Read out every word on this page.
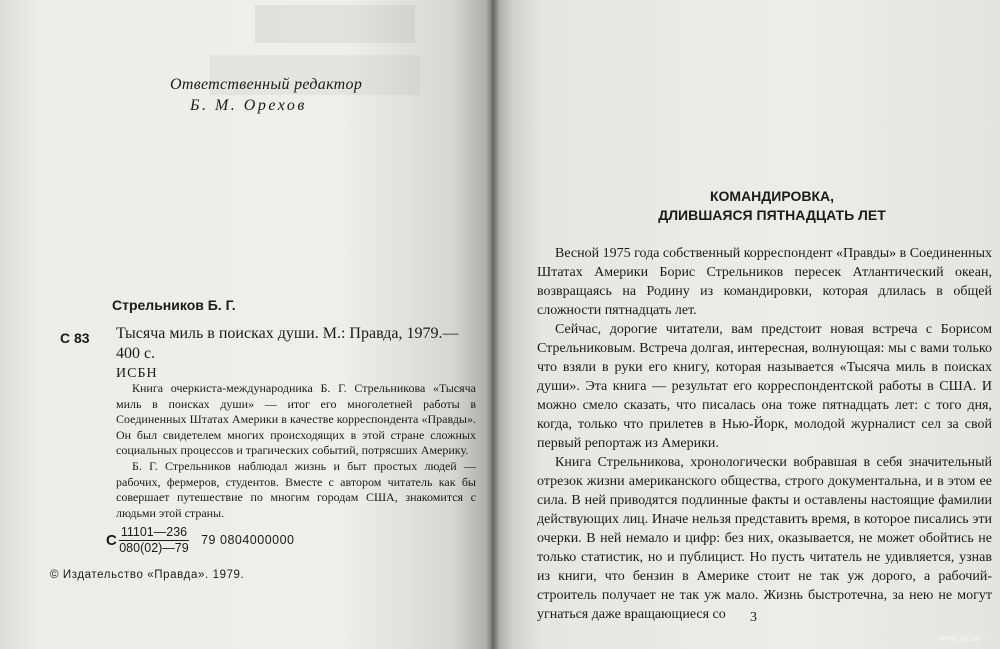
Ответственный редактор
Б. М. Орехов
Стрельников Б. Г.
С 83 Тысяча миль в поисках души. М.: Правда, 1979.— 400 с.
ИСБН

Книга очеркиста-международника Б. Г. Стрельникова «Тысяча миль в поисках души» — итог его многолетней работы в Соединенных Штатах Америки в качестве корреспондента «Правды». Он был свидетелем многих происходящих в этой стране сложных социальных процессов и трагических событий, потрясших Америку.

Б. Г. Стрельников наблюдал жизнь и быт простых людей — рабочих, фермеров, студентов. Вместе с автором читатель как бы совершает путешествие по многим городам США, знакомится с людьми этой страны.

С $\frac{11101—236}{080(02)—79} 79$ 0804000000
© Издательство «Правда». 1979.
КОМАНДИРОВКА,
ДЛИВШАЯСЯ ПЯТНАДЦАТЬ ЛЕТ

Весной 1975 года собственный корреспондент «Правды» в Соединенных Штатах Америки Борис Стрельников пересек Атлантический океан, возвращаясь на Родину из командировки, которая длилась в общей сложности пятнадцать лет.

Сейчас, дорогие читатели, вам предстоит новая встреча с Борисом Стрельниковым. Встреча долгая, интересная, волнующая: мы с вами только что взяли в руки его книгу, которая называется «Тысяча миль в поисках души». Эта книга — результат его корреспондентской работы в США. И можно смело сказать, что писалась она тоже пятнадцать лет: с того дня, когда, только что прилетев в Нью-Йорк, молодой журналист сел за свой первый репортаж из Америки.

Книга Стрельникова, хронологически вобравшая в себя значительный отрезок жизни американского общества, строго документальна, и в этом ее сила. В ней приводятся подлинные факты и оставлены настоящие фамилии действующих лиц. Иначе нельзя представить время, в которое писались эти очерки. В ней немало и цифр: без них, оказывается, не может обойтись не только статистик, но и публицист. Но пусть читатель не удивляется, узнав из книги, что бензин в Америке стоит не так уж дорого, а рабочий-строитель получает не так уж мало. Жизнь быстротечна, за нею не могут угнаться даже вращающиеся со	3
www.ay.by
